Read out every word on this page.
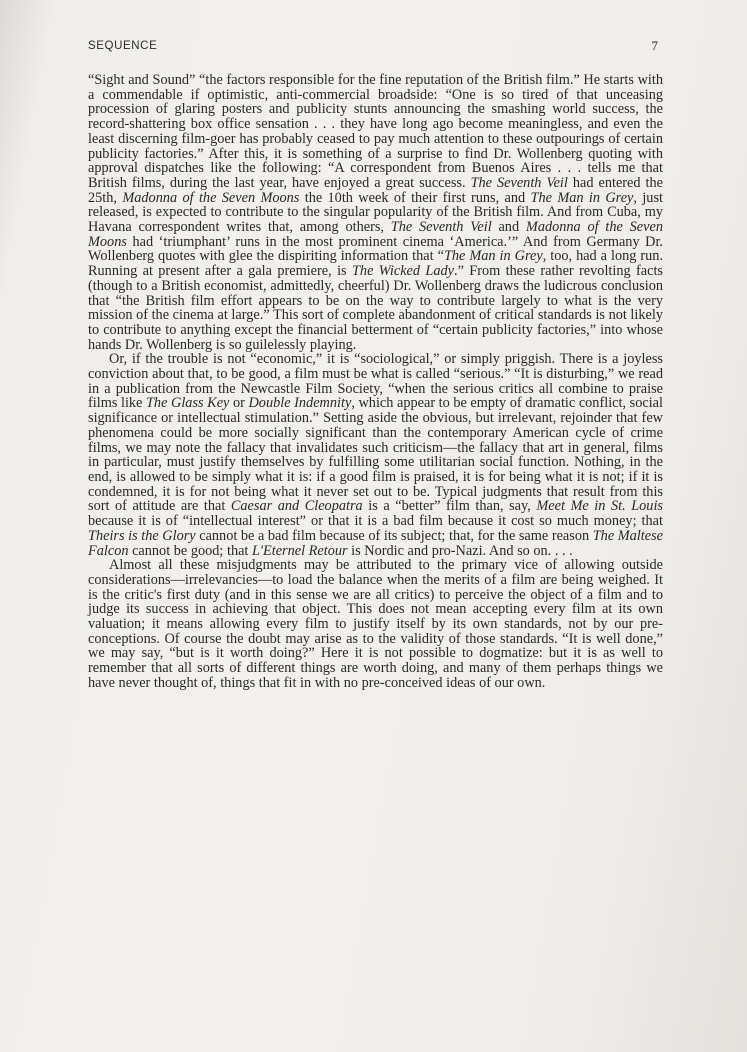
SEQUENCE	7

“Sight and Sound” “the factors responsible for the fine reputation of the British film.” He starts with a commendable if optimistic, anti-commercial broadside: “One is so tired of that unceasing procession of glaring posters and publicity stunts announcing the smashing world success, the record-shattering box office sensation . . . they have long ago become meaningless, and even the least discerning film-goer has probably ceased to pay much attention to these outpourings of certain publicity factories.” After this, it is something of a surprise to find Dr. Wollenberg quoting with approval dispatches like the following: “A correspondent from Buenos Aires . . . tells me that British films, during the last year, have enjoyed a great success. The Seventh Veil had entered the 25th, Madonna of the Seven Moons the 10th week of their first runs, and The Man in Grey, just released, is expected to contribute to the singular popularity of the British film. And from Cuba, my Havana correspondent writes that, among others, The Seventh Veil and Madonna of the Seven Moons had ‘triumphant’ runs in the most prominent cinema ‘America.’” And from Germany Dr. Wollenberg quotes with glee the dispiriting information that “The Man in Grey, too, had a long run. Running at present after a gala premiere, is The Wicked Lady.” From these rather revolting facts (though to a British economist, admittedly, cheerful) Dr. Wollenberg draws the ludicrous conclusion that “the British film effort appears to be on the way to contribute largely to what is the very mission of the cinema at large.” This sort of complete abandonment of critical standards is not likely to contribute to anything except the financial betterment of “certain publicity factories,” into whose hands Dr. Wollenberg is so guilelessly playing.

Or, if the trouble is not “economic,” it is “sociological,” or simply priggish. There is a joyless conviction about that, to be good, a film must be what is called “serious.” “It is disturbing,” we read in a publication from the Newcastle Film Society, “when the serious critics all combine to praise films like The Glass Key or Double Indemnity, which appear to be empty of dramatic conflict, social significance or intellectual stimulation.” Setting aside the obvious, but irrelevant, rejoinder that few phenomena could be more socially significant than the contemporary American cycle of crime films, we may note the fallacy that invalidates such criticism—the fallacy that art in general, films in particular, must justify themselves by fulfilling some utilitarian social function. Nothing, in the end, is allowed to be simply what it is: if a good film is praised, it is for being what it is not; if it is condemned, it is for not being what it never set out to be. Typical judgments that result from this sort of attitude are that Caesar and Cleopatra is a “better” film than, say, Meet Me in St. Louis because it is of “intellectual interest” or that it is a bad film because it cost so much money; that Theirs is the Glory cannot be a bad film because of its subject; that, for the same reason The Maltese Falcon cannot be good; that L'Eternel Retour is Nordic and pro-Nazi. And so on. . . .

Almost all these misjudgments may be attributed to the primary vice of allowing outside considerations—irrelevancies—to load the balance when the merits of a film are being weighed. It is the critic's first duty (and in this sense we are all critics) to perceive the object of a film and to judge its success in achieving that object. This does not mean accepting every film at its own valuation; it means allowing every film to justify itself by its own standards, not by our pre-conceptions. Of course the doubt may arise as to the validity of those standards. “It is well done,” we may say, “but is it worth doing?” Here it is not possible to dogmatize: but it is as well to remember that all sorts of different things are worth doing, and many of them perhaps things we have never thought of, things that fit in with no pre-conceived ideas of our own.
